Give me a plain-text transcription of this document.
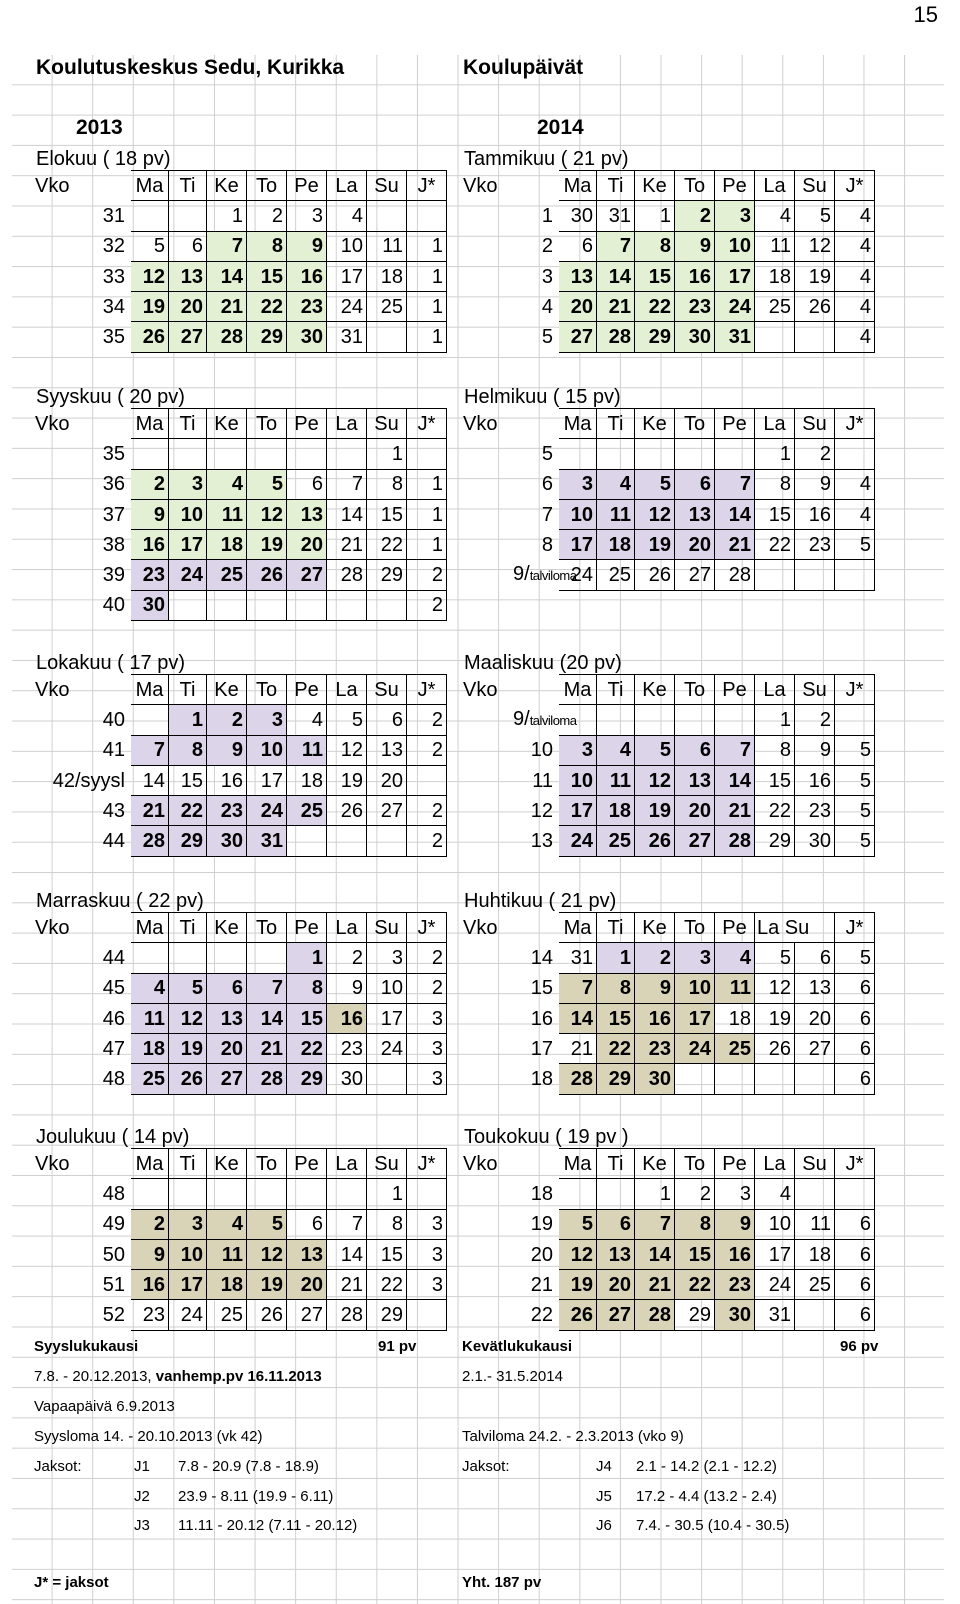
15
Koulutuskeskus Sedu, Kurikka	Koulupäivät
2013	2014
Elokuu ( 18 pv)
Vko	Ma	Ti	Ke	To	Pe	La	Su	J*
31			1	2	3	4		
32	5	6	7	8	9	10	11	1
33	12	13	14	15	16	17	18	1
34	19	20	21	22	23	24	25	1
35	26	27	28	29	30	31		1
Tammikuu ( 21 pv)
Vko	Ma	Ti	Ke	To	Pe	La	Su	J*
1	30	31	1	2	3	4	5	4
2	6	7	8	9	10	11	12	4
3	13	14	15	16	17	18	19	4
4	20	21	22	23	24	25	26	4
5	27	28	29	30	31			4
Syyskuu ( 20 pv)
Vko	Ma	Ti	Ke	To	Pe	La	Su	J*
35							1	
36	2	3	4	5	6	7	8	1
37	9	10	11	12	13	14	15	1
38	16	17	18	19	20	21	22	1
39	23	24	25	26	27	28	29	2
40	30							2
Helmikuu ( 15 pv)
Vko	Ma	Ti	Ke	To	Pe	La	Su	J*
5						1	2	
6	3	4	5	6	7	8	9	4
7	10	11	12	13	14	15	16	4
8	17	18	19	20	21	22	23	5
9/talviloma	24	25	26	27	28			
Lokakuu ( 17 pv)
Vko	Ma	Ti	Ke	To	Pe	La	Su	J*
40		1	2	3	4	5	6	2
41	7	8	9	10	11	12	13	2
42/syysl	14	15	16	17	18	19	20	
43	21	22	23	24	25	26	27	2
44	28	29	30	31				2
Maaliskuu (20 pv)
Vko	Ma	Ti	Ke	To	Pe	La	Su	J*
9/talviloma						1	2	
10	3	4	5	6	7	8	9	5
11	10	11	12	13	14	15	16	5
12	17	18	19	20	21	22	23	5
13	24	25	26	27	28	29	30	5
Marraskuu ( 22 pv)
Vko	Ma	Ti	Ke	To	Pe	La	Su	J*
44					1	2	3	2
45	4	5	6	7	8	9	10	2
46	11	12	13	14	15	16	17	3
47	18	19	20	21	22	23	24	3
48	25	26	27	28	29	30		3
Huhtikuu ( 21 pv)
Vko	Ma	Ti	Ke	To	Pe	La Su		J*
14	31	1	2	3	4	5	6	5
15	7	8	9	10	11	12	13	6
16	14	15	16	17	18	19	20	6
17	21	22	23	24	25	26	27	6
18	28	29	30					6
Joulukuu ( 14 pv)
Vko	Ma	Ti	Ke	To	Pe	La	Su	J*
48							1	
49	2	3	4	5	6	7	8	3
50	9	10	11	12	13	14	15	3
51	16	17	18	19	20	21	22	3
52	23	24	25	26	27	28	29	
Toukokuu ( 19 pv )
Vko	Ma	Ti	Ke	To	Pe	La	Su	J*
18			1	2	3	4		
19	5	6	7	8	9	10	11	6
20	12	13	14	15	16	17	18	6
21	19	20	21	22	23	24	25	6
22	26	27	28	29	30	31		6
Syyslukukausi	91 pv	Kevätlukukausi	96 pv
7.8. - 20.12.2013, vanhemp.pv 16.11.2013	2.1.- 31.5.2014
Vapaapäivä 6.9.2013
Syysloma 14. - 20.10.2013 (vk 42)	Talviloma 24.2. - 2.3.2013 (vko 9)
Jaksot:	Jaksot:
J1 7.8 - 20.9 (7.8 - 18.9)
J2 23.9 - 8.11 (19.9 - 6.11)
J3 11.11 - 20.12 (7.11 - 20.12)
J4 2.1 - 14.2 (2.1 - 12.2)
J5 17.2 - 4.4 (13.2 - 2.4)
J6 7.4. - 30.5 (10.4 - 30.5)
J* = jaksot	Yht. 187 pv
